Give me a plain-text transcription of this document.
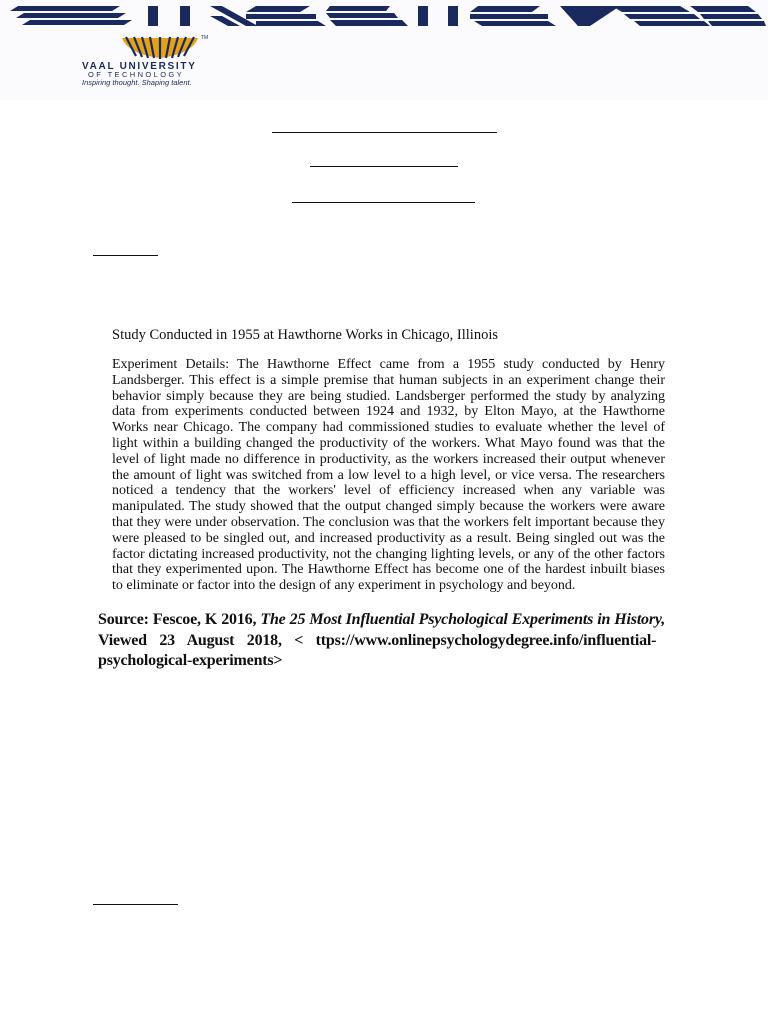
TM
VAAL UNIVERSITY
OF TECHNOLOGY
Inspiring thought. Shaping talent.
Study Conducted in 1955 at Hawthorne Works in Chicago, Illinois

Experiment Details: The Hawthorne Effect came from a 1955 study conducted by Henry Landsberger. This effect is a simple premise that human subjects in an experiment change their behavior simply because they are being studied. Landsberger performed the study by analyzing data from experiments conducted between 1924 and 1932, by Elton Mayo, at the Hawthorne Works near Chicago. The company had commissioned studies to evaluate whether the level of light within a building changed the productivity of the workers. What Mayo found was that the level of light made no difference in productivity, as the workers increased their output whenever the amount of light was switched from a low level to a high level, or vice versa. The researchers noticed a tendency that the workers' level of efficiency increased when any variable was manipulated. The study showed that the output changed simply because the workers were aware that they were under observation. The conclusion was that the workers felt important because they were pleased to be singled out, and increased productivity as a result. Being singled out was the factor dictating increased productivity, not the changing lighting levels, or any of the other factors that they experimented upon. The Hawthorne Effect has become one of the hardest inbuilt biases to eliminate or factor into the design of any experiment in psychology and beyond.

Source: Fescoe, K 2016, The 25 Most Influential Psychological Experiments in History, Viewed 23 August 2018, < ttps://www.onlinepsychologydegree.info/influential-psychological-experiments>
